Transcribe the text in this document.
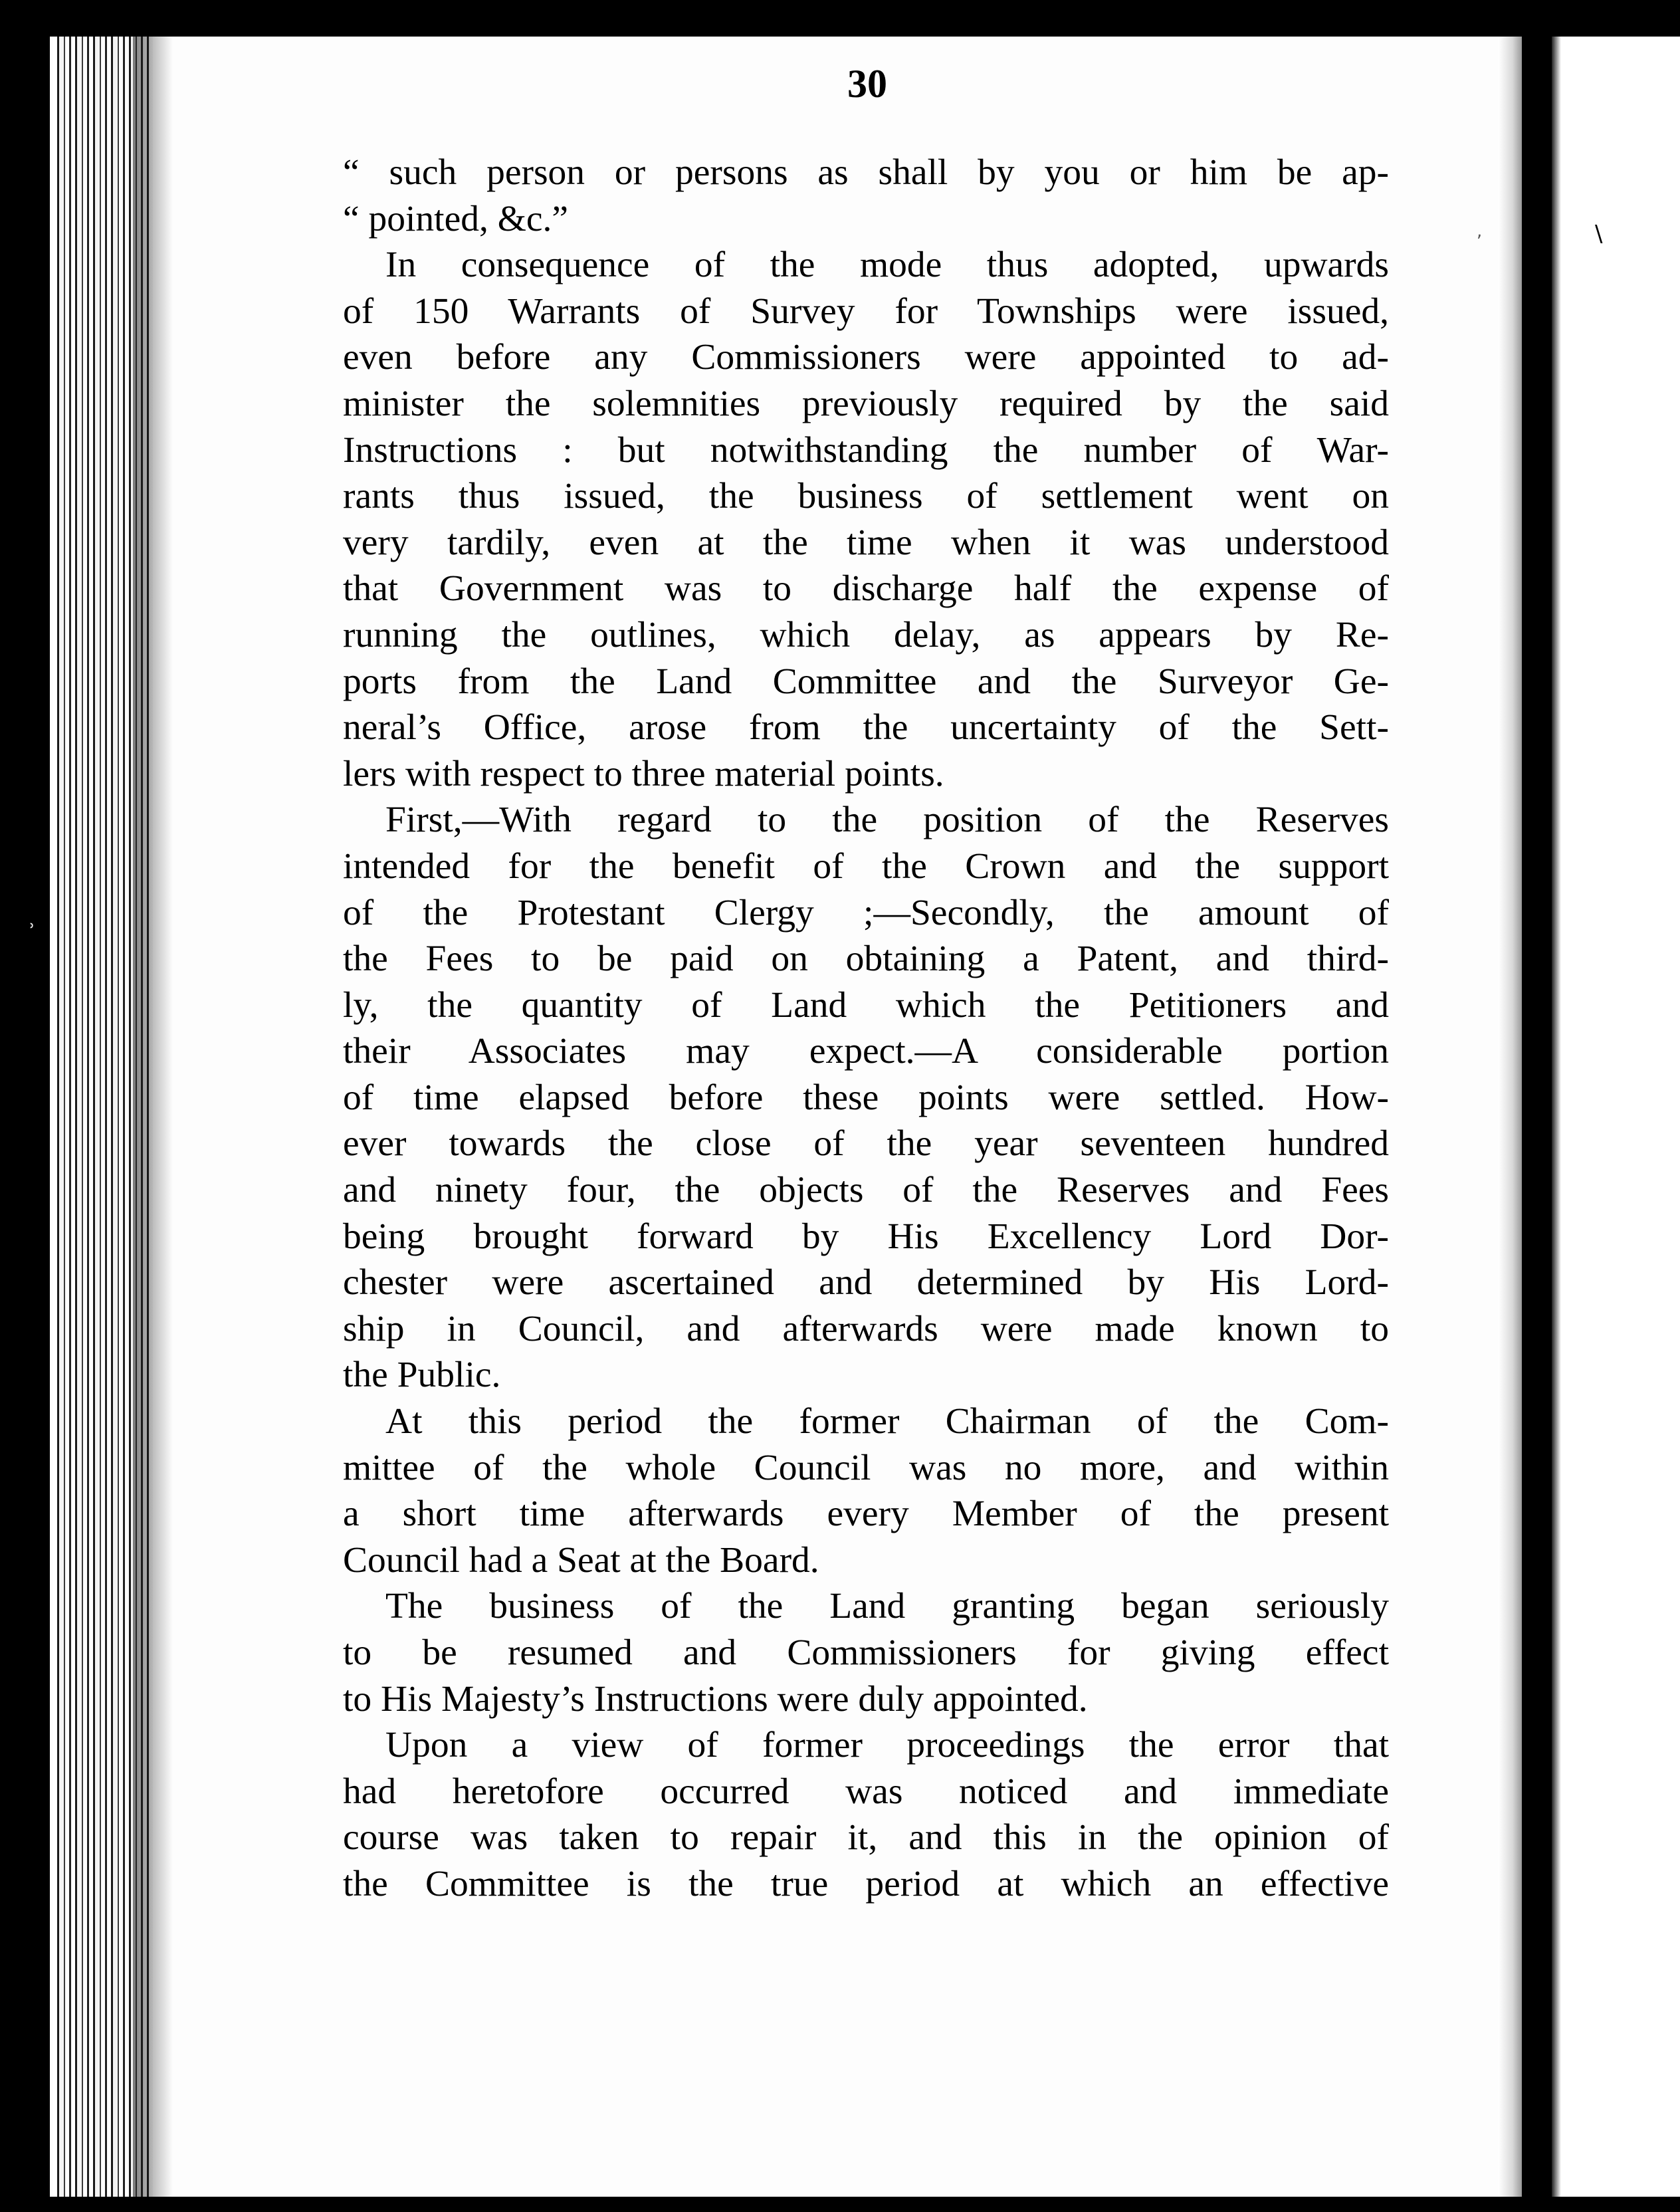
\
•
˒
,
30
“ such person or persons as shall by you or him be ap-
“ pointed, &c.”
In consequence of the mode thus adopted, upwards
of 150 Warrants of Survey for Townships were issued,
even before any Commissioners were appointed to ad-
minister the solemnities previously required by the said
Instructions : but notwithstanding the number of War-
rants thus issued, the business of settlement went on
very tardily, even at the time when it was understood
that Government was to discharge half the expense of
running the outlines, which delay, as appears by Re-
ports from the Land Committee and the Surveyor Ge-
neral’s Office, arose from the uncertainty of the Sett-
lers with respect to three material points.
First,—With regard to the position of the Reserves
intended for the benefit of the Crown and the support
of the Protestant Clergy ;—Secondly, the amount of
the Fees to be paid on obtaining a Patent, and third-
ly, the quantity of Land which the Petitioners and
their Associates may expect.—A considerable portion
of time elapsed before these points were settled. How-
ever towards the close of the year seventeen hundred
and ninety four, the objects of the Reserves and Fees
being brought forward by His Excellency Lord Dor-
chester were ascertained and determined by His Lord-
ship in Council, and afterwards were made known to
the Public.
At this period the former Chairman of the Com-
mittee of the whole Council was no more, and within
a short time afterwards every Member of the present
Council had a Seat at the Board.
The business of the Land granting began seriously
to be resumed and Commissioners for giving effect
to His Majesty’s Instructions were duly appointed.
Upon a view of former proceedings the error that
had heretofore occurred was noticed and immediate
course was taken to repair it, and this in the opinion of
the Committee is the true period at which an effective
